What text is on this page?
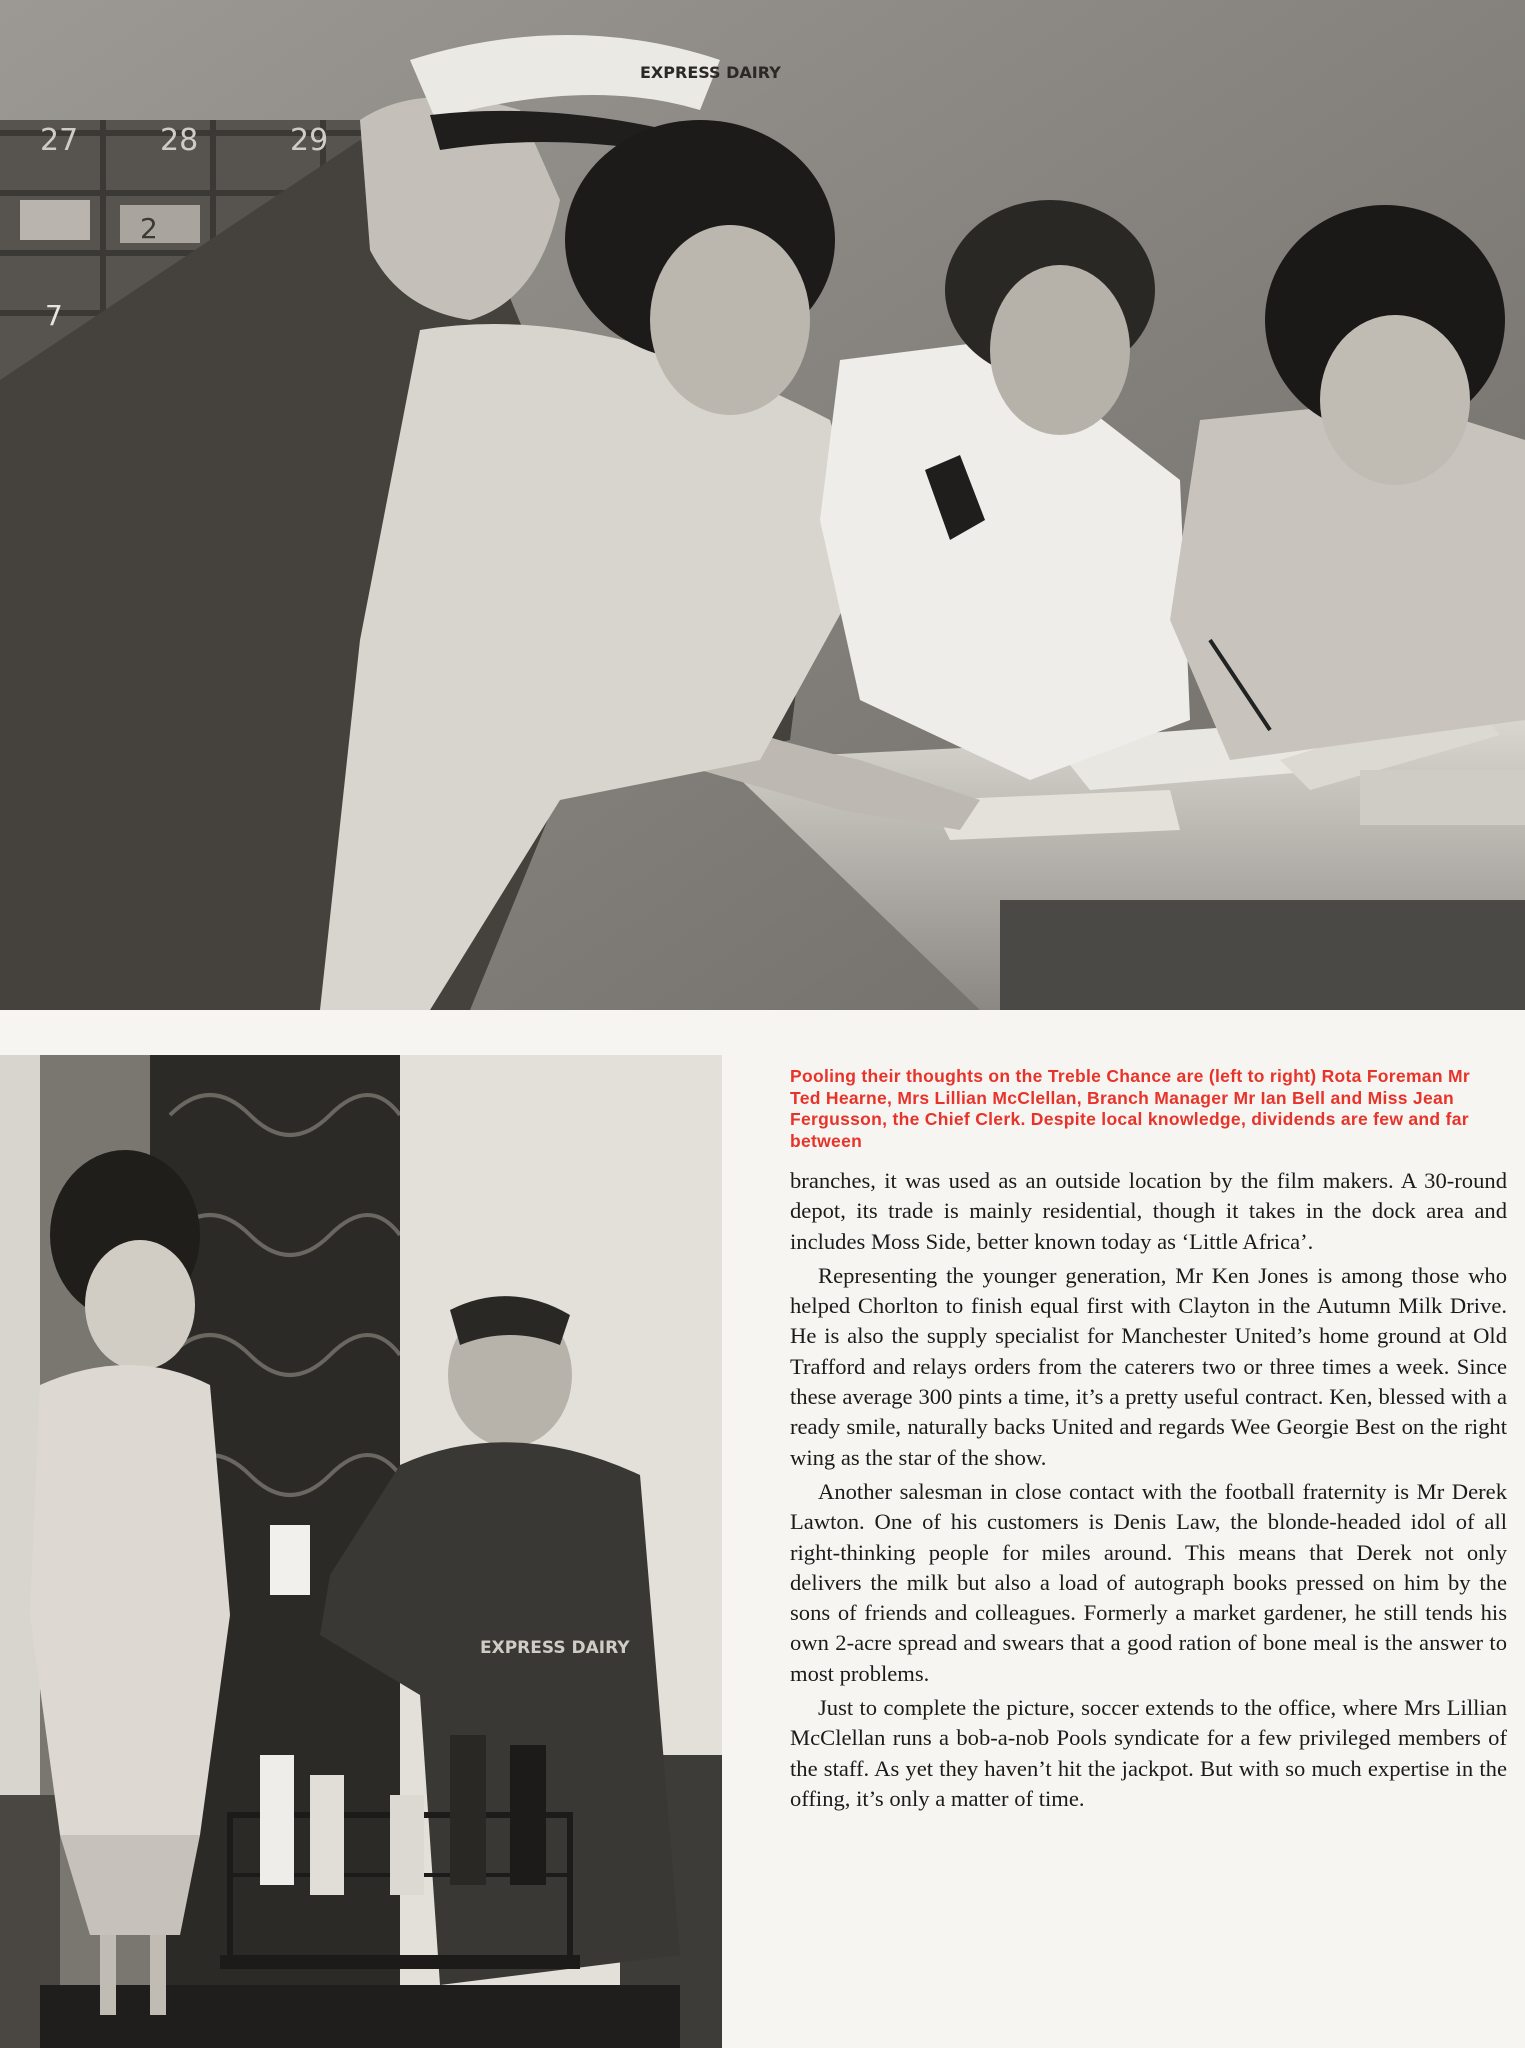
27	28	29
2
7
EXPRESS DAIRY
EXPRESS DAIRY

Pooling their thoughts on the Treble Chance are (left to right) Rota Foreman Mr Ted Hearne, Mrs Lillian McClellan, Branch Manager Mr Ian Bell and Miss Jean Fergusson, the Chief Clerk. Despite local knowledge, dividends are few and far between

branches, it was used as an outside location by the film makers. A 30-round depot, its trade is mainly residential, though it takes in the dock area and includes Moss Side, better known today as ‘Little Africa’.

Representing the younger generation, Mr Ken Jones is among those who helped Chorlton to finish equal first with Clayton in the Autumn Milk Drive. He is also the supply specialist for Manchester United’s home ground at Old Trafford and relays orders from the caterers two or three times a week. Since these average 300 pints a time, it’s a pretty useful contract. Ken, blessed with a ready smile, naturally backs United and regards Wee Georgie Best on the right wing as the star of the show.

Another salesman in close contact with the football fraternity is Mr Derek Lawton. One of his customers is Denis Law, the blonde-headed idol of all right-thinking people for miles around. This means that Derek not only delivers the milk but also a load of autograph books pressed on him by the sons of friends and colleagues. Formerly a market gardener, he still tends his own 2-acre spread and swears that a good ration of bone meal is the answer to most problems.

Just to complete the picture, soccer extends to the office, where Mrs Lillian McClellan runs a bob-a-nob Pools syndicate for a few privileged members of the staff. As yet they haven’t hit the jackpot. But with so much expertise in the offing, it’s only a matter of time.
